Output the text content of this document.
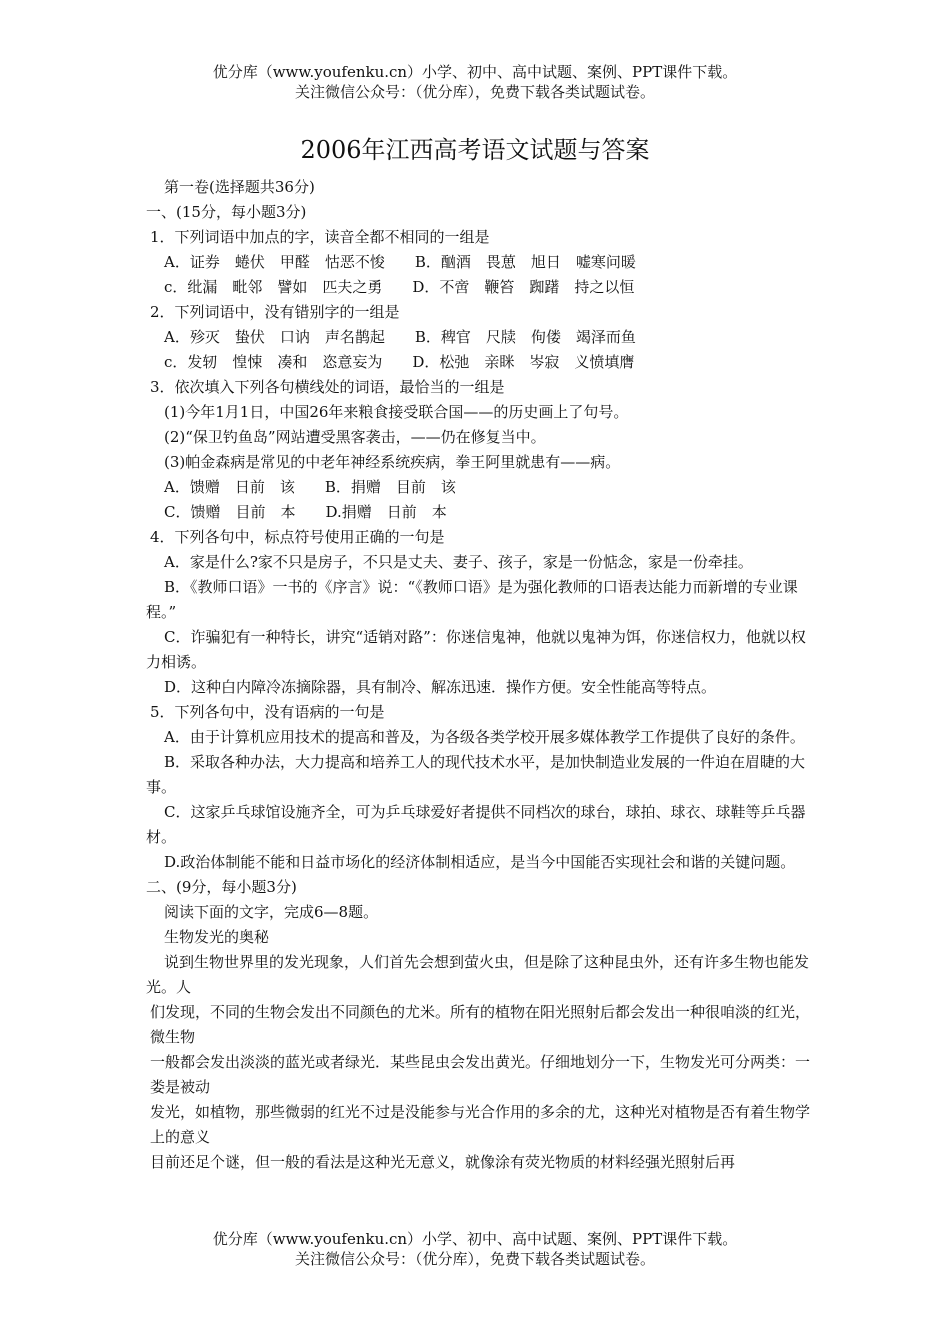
优分库（www.youfenku.cn）小学、初中、高中试题、案例、PPT课件下载。
关注微信公众号：（优分库），免费下载各类试题试卷。
2006年江西高考语文试题与答案
第一卷(选择题共36分)
一、(15分，每小题3分)
1．下列词语中加点的字，读音全都不相同的一组是
A．证券　蜷伏　甲醛　怙恶不悛　　B．酗酒　畏葸　旭日　嘘寒问暖
c．纰漏　毗邻　譬如　匹夫之勇　　D．不啻　鞭笞　踟躇　持之以恒
2．下列词语中，没有错别字的一组是
A．殄灭　蛰伏　口讷　声名鹊起　　B．稗官　尺牍　佝偻　竭泽而鱼
c．发轫　惶悚　凑和　恣意妄为　　D．松弛　亲眯　岑寂　义愤填膺
3．依次填入下列各句横线处的词语，最恰当的一组是
(1)今年1月1日，中国26年来粮食接受联合国——的历史画上了句号。
(2)“保卫钓鱼岛”网站遭受黑客袭击，——仍在修复当中。
(3)帕金森病是常见的中老年神经系统疾病，拳王阿里就患有——病。
A．馈赠　日前　该　　B．捐赠　目前　该
C．馈赠　目前　本　　D.捐赠　日前　本
4．下列各句中，标点符号使用正确的一句是
A．家是什么?家不只是房子，不只是丈夫、妻子、孩子，家是一份惦念，家是一份牵挂。
B．《教师口语》一书的《序言》说：“《教师口语》是为强化教师的口语表达能力而新增的专业课程。”
C．诈骗犯有一种特长，讲究“适销对路”：你迷信鬼神，他就以鬼神为饵，你迷信权力，他就以权力相诱。
D．这种白内障冷冻摘除器，具有制冷、解冻迅速．操作方便。安全性能高等特点。
5．下列各句中，没有语病的一句是
A．由于计算机应用技术的提高和普及，为各级各类学校开展多媒体教学工作提供了良好的条件。
B．采取各种办法，大力提高和培养工人的现代技术水平，是加快制造业发展的一件迫在眉睫的大事。
C．这家乒乓球馆设施齐全，可为乒乓球爱好者提供不同档次的球台，球拍、球衣、球鞋等乒乓器材。
D.政治体制能不能和日益市场化的经济体制相适应，是当今中国能否实现社会和谐的关键问题。
二、(9分，每小题3分)
阅读下面的文字，完成6—8题。
生物发光的奥秘
说到生物世界里的发光现象，人们首先会想到萤火虫，但是除了这种昆虫外，还有许多生物也能发光。人
们发现，不同的生物会发出不同颜色的尤米。所有的植物在阳光照射后都会发出一种很咱淡的红光，微生物
一般都会发出淡淡的蓝光或者绿光．某些昆虫会发出黄光。仔细地划分一下，生物发光可分两类：一娄是被动
发光，如植物，那些微弱的红光不过是没能参与光合作用的多余的尤，这种光对植物是否有着生物学上的意义
目前还足个谜，但一般的看法是这种光无意义，就像涂有荧光物质的材料经强光照射后再
优分库（www.youfenku.cn）小学、初中、高中试题、案例、PPT课件下载。
关注微信公众号：（优分库），免费下载各类试题试卷。
